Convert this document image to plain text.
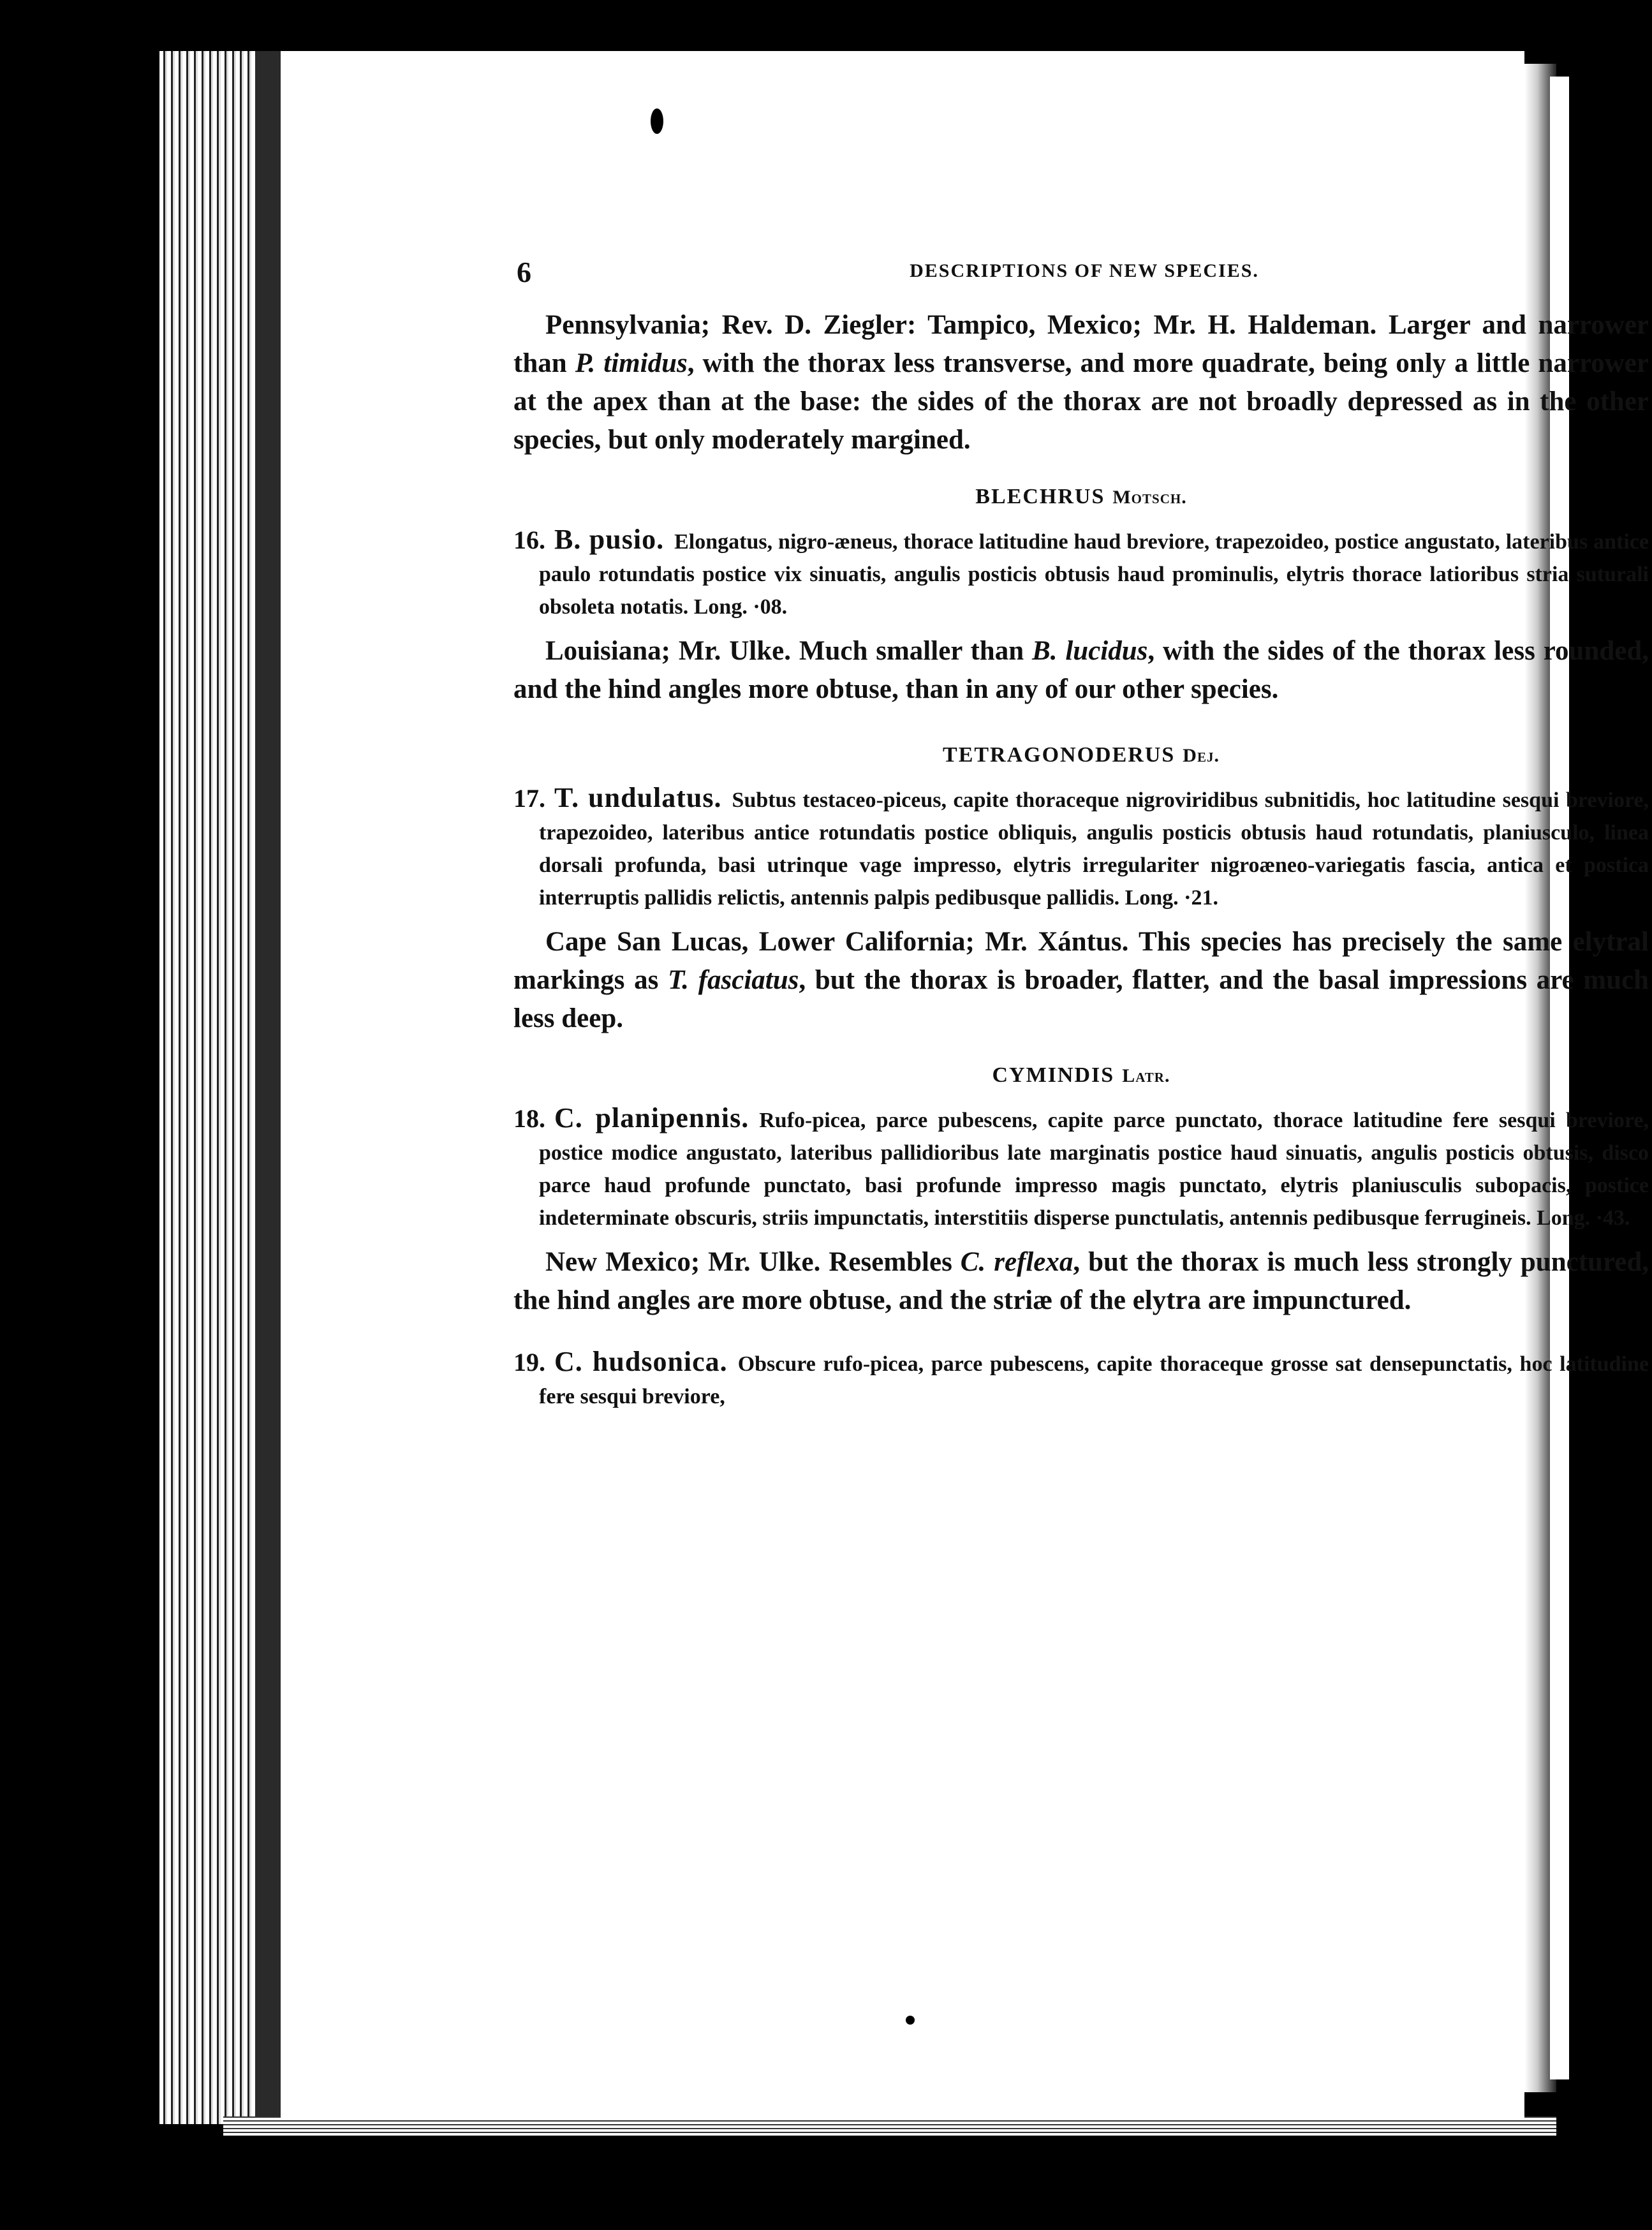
6	DESCRIPTIONS OF NEW SPECIES.

Pennsylvania; Rev. D. Ziegler: Tampico, Mexico; Mr. H. Haldeman. Larger and narrower than P. timidus, with the thorax less transverse, and more quadrate, being only a little narrower at the apex than at the base: the sides of the thorax are not broadly depressed as in the other species, but only moderately margined.

BLECHRUS Motsch.

16. B. pusio. Elongatus, nigro-æneus, thorace latitudine haud breviore, trapezoideo, postice angustato, lateribus antice paulo rotundatis postice vix sinuatis, angulis posticis obtusis haud prominulis, elytris thorace latioribus stria suturali obsoleta notatis. Long. ·08.

Louisiana; Mr. Ulke. Much smaller than B. lucidus, with the sides of the thorax less rounded, and the hind angles more obtuse, than in any of our other species.

TETRAGONODERUS Dej.

17. T. undulatus. Subtus testaceo-piceus, capite thoraceque nigroviridibus subnitidis, hoc latitudine sesqui breviore, trapezoideo, lateribus antice rotundatis postice obliquis, angulis posticis obtusis haud rotundatis, planiusculo, linea dorsali profunda, basi utrinque vage impresso, elytris irregulariter nigroæneo-variegatis fascia, antica et postica interruptis pallidis relictis, antennis palpis pedibusque pallidis. Long. ·21.

Cape San Lucas, Lower California; Mr. Xántus. This species has precisely the same elytral markings as T. fasciatus, but the thorax is broader, flatter, and the basal impressions are much less deep.

CYMINDIS Latr.

18. C. planipennis. Rufo-picea, parce pubescens, capite parce punctato, thorace latitudine fere sesqui breviore, postice modice angustato, lateribus pallidioribus late marginatis postice haud sinuatis, angulis posticis obtusis, disco parce haud profunde punctato, basi profunde impresso magis punctato, elytris planiusculis subopacis, postice indeterminate obscuris, striis impunctatis, interstitiis disperse punctulatis, antennis pedibusque ferrugineis. Long. ·43.

New Mexico; Mr. Ulke. Resembles C. reflexa, but the thorax is much less strongly punctured, the hind angles are more obtuse, and the striæ of the elytra are impunctured.

19. C. hudsonica. Obscure rufo-picea, parce pubescens, capite thoraceque grosse sat densepunctatis, hoc latitudine fere sesqui breviore,
